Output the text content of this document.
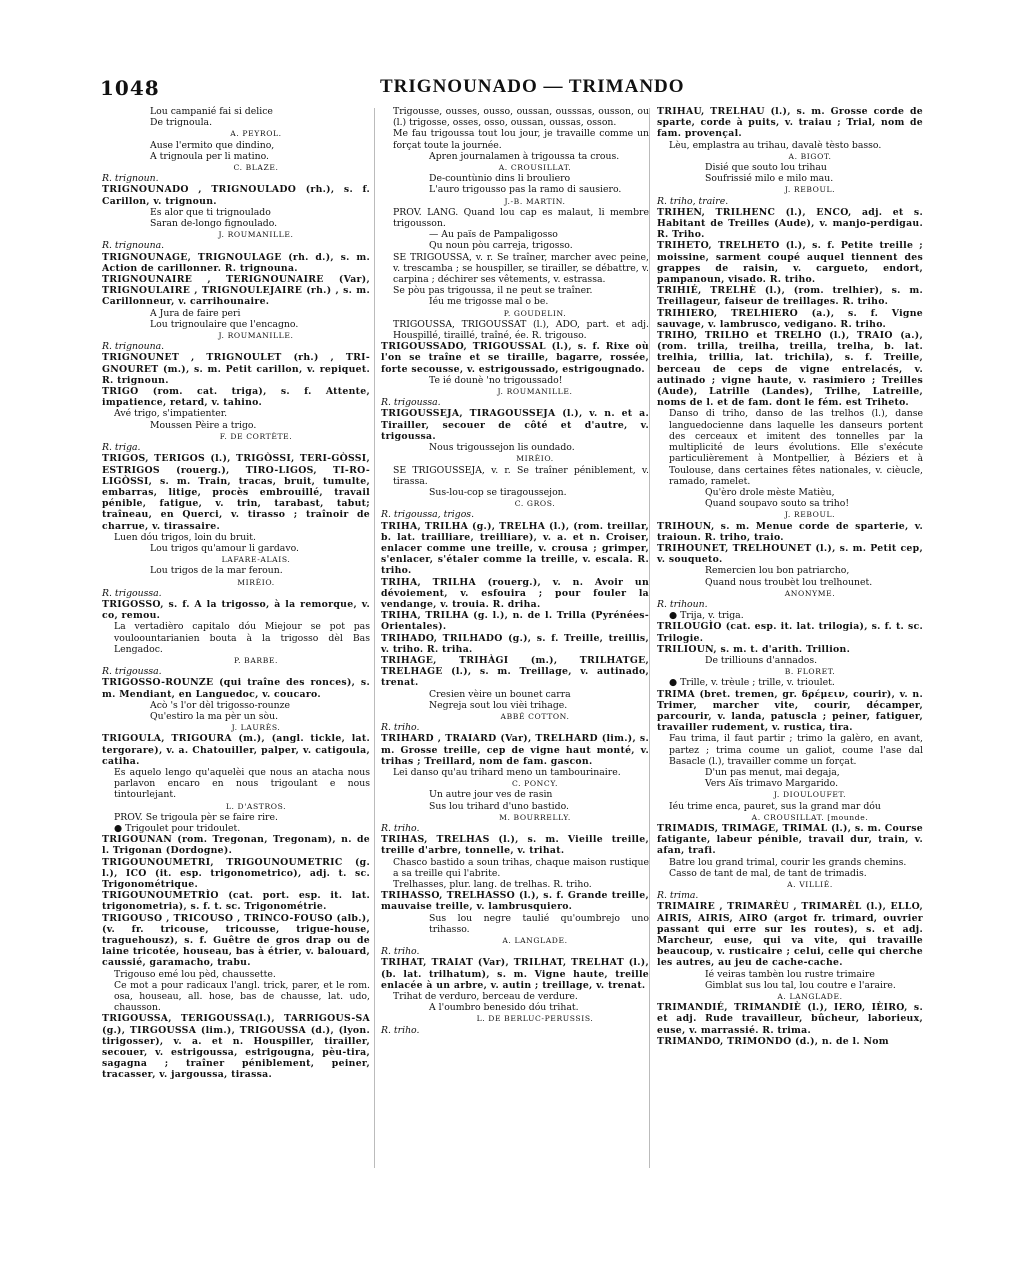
1048	TRIGNOUNADO — TRIMANDO
Lou campanié fai si delice
De trignoula.
A. PEYROL.
Ause l'ermito que dindino,
A trignoula per li matino.
C. BLAZE.
R. trignoun.
TRIGNOUNADO , TRIGNOULADO (rh.), s. f. Carillon, v. trignoun.
Es alor que ti trignoulado
Saran de-longo fignoulado.
J. ROUMANILLE.
R. trignouna.
TRIGNOUNAGE, TRIGNOULAGE (rh. d.), s. m. Action de carillonner. R. trignouna.
TRIGNOUNAIRE , TERIGNOUNAIRE (Var), TRIGNOULAIRE , TRIGNOULEJAIRE (rh.) , s. m. Carillonneur, v. carrihounaire.
A Jura de faire peri
Lou trignoulaire que l'encagno.
J. ROUMANILLE.
R. trignouna.
TRIGNOUNET , TRIGNOULET (rh.) , TRI-GNOURET (m.), s. m. Petit carillon, v. repiquet. R. trignoun.
TRIGO (rom. cat. triga), s. f. Attente, impatience, retard, v. tahino.
Avé trigo, s'impatienter.
Moussen Pèire a trigo.
F. DE CORTÈTE.
R. triga.
TRIGOS, TERIGOS (l.), TRIGÒSSI, TERI-GÒSSI, ESTRIGOS (rouerg.), TIRO-LIGOS, TI-RO-LIGÒSSI, s. m. Train, tracas, bruit, tumulte, embarras, litige, procès embrouillé, travail pénible, fatigue, v. trin, tarabast, tabut; traîneau, en Querci, v. tirasso ; traînoir de charrue, v. tirassaire.
Luen dóu trigos, loin du bruit.
Lou trigos qu'amour li gardavo.
LAFARE-ALAIS.
Lou trigos de la mar feroun.
MIRÈIO.
R. trigoussa.
TRIGOSSO, s. f. A la trigosso, à la remorque, v. co, remou.
La vertadièro capitalo dóu Miejour se pot pas vouloountarianien bouta à la trigosso dèl Bas Lengadoc.
P. BARBE.
R. trigoussa.
TRIGOSSO-ROUNZE (qui traîne des ronces), s. m. Mendiant, en Languedoc, v. coucaro.
Acò 's l'or dèl trigosso-rounze
Qu'estiro la ma pèr un sòu.
J. LAURÈS.
TRIGOULA, TRIGOURA (m.), (angl. tickle, lat. tergorare), v. a. Chatouiller, palper, v. catigoula, catiha.
Es aquelo lengo qu'aquelèi que nous an atacha nous parlavon encaro en nous trigoulant e nous tintourlejant.
L. D'ASTROS.
PROV. Se trigoula pèr se faire rire.
● Trigoulet pour tridoulet.
TRIGOUNAN (rom. Tregonan, Tregonam), n. de l. Trigonan (Dordogne).
TRIGOUNOUMETRI, TRIGOUNOUMETRIC (g. l.), ICO (it. esp. trigonometrico), adj. t. sc. Trigonométrique.
TRIGOUNOUMETRÌO (cat. port. esp. it. lat. trigonometria), s. f. t. sc. Trigonométrie.
TRIGOUSO , TRICOUSO , TRINCO-FOUSO (alb.), (v. fr. tricouse, tricousse, trigue-house, traguehousz), s. f. Guêtre de gros drap ou de laine tricotée, houseau, bas à étrier, v. balouard, caussié, garamacho, trabu.
Trigouso emé lou pèd, chaussette.
Ce mot a pour radicaux l'angl. trick, parer, et le rom. osa, houseau, all. hose, bas de chausse, lat. udo, chausson.
TRIGOUSSA, TERIGOUSSA(l.), TARRIGOUS-SA (g.), TIRGOUSSA (lim.), TRIGOUSSA (d.), (lyon. tirigosser), v. a. et n. Houspiller, tirailler, secouer, v. estrigoussa, estrigougna, pèu-tira, sagagna ; traîner péniblement, peiner, tracasser, v. jargoussa, tirassa.
Trigousse, ousses, ousso, oussan, ousssas, ousson, ou (l.) trigosse, osses, osso, oussan, oussas, osson.
Me fau trigoussa tout lou jour, je travaille comme un forçat toute la journée.
Apren journalamen à trigoussa ta crous.
A. CROUSILLAT.
De-countùnio dins li brouliero
L'auro trigousso pas la ramo di sausiero.
J.-B. MARTIN.
PROV. LANG. Quand lou cap es malaut, li membre trigousson.
— Au païs de Pampaligosso
Qu noun pòu carreja, trigosso.
SE TRIGOUSSA, v. r. Se traîner, marcher avec peine, v. trescamba ; se houspiller, se tirailler, se débattre, v. carpina ; déchirer ses vêtements, v. estrassa.
Se pòu pas trigoussa, il ne peut se traîner.
Iéu me trigosse mal o be.
P. GOUDELIN.
TRIGOUSSA, TRIGOUSSAT (l.), ADO, part. et adj. Houspillé, tiraillé, traîné, ée. R. trigouso.
TRIGOUSSADO, TRIGOUSSAL (l.), s. f. Rixe où l'on se traîne et se tiraille, bagarre, rossée, forte secousse, v. estrigoussado, estrigougnado.
Te ié dounè 'no trigoussado!
J. ROUMANILLE.
R. trigoussa.
TRIGOUSSEJA, TIRAGOUSSEJA (l.), v. n. et a. Tirailler, secouer de côté et d'autre, v. trigoussa.
Nous trigoussejon lis oundado.
MIRÈIO.
SE TRIGOUSSEJA, v. r. Se traîner péniblement, v. tirassa.
Sus-lou-cop se tiragoussejon.
C. GROS.
R. trigoussa, trigos.
TRIHA, TRILHA (g.), TRELHA (l.), (rom. treillar, b. lat. trailliare, treilliare), v. a. et n. Croiser, enlacer comme une treille, v. crousa ; grimper, s'enlacer, s'étaler comme la treille, v. escala. R. triho.
TRIHA, TRILHA (rouerg.), v. n. Avoir un dévoiement, v. esfouira ; pour fouler la vendange, v. trouia. R. driha.
TRIHA, TRILHA (g. l.), n. de l. Trilla (Pyrénées-Orientales).
TRIHADO, TRILHADO (g.), s. f. Treille, treillis, v. triho. R. triha.
TRIHAGE, TRIHÀGI (m.), TRILHATGE, TRELHAGE (l.), s. m. Treillage, v. autinado, trenat.
Cresien vèire un bounet carra
Negreja sout lou vièi trihage.
ABBÉ COTTON.
R. triho.
TRIHARD , TRAIARD (Var), TRELHARD (lim.), s. m. Grosse treille, cep de vigne haut monté, v. trihas ; Treillard, nom de fam. gascon.
Lei danso qu'au trihard meno un tambourinaire.
C. PONCY.
Un autre jour ves de rasin
Sus lou trihard d'uno bastido.
M. BOURRELLY.
R. triho.
TRIHAS, TRELHAS (l.), s. m. Vieille treille, treille d'arbre, tonnelle, v. trihat.
Chasco bastido a soun trihas, chaque maison rustique a sa treille qui l'abrite.
Trelhasses, plur. lang. de trelhas. R. triho.
TRIHASSO, TRELHASSO (l.), s. f. Grande treille, mauvaise treille, v. lambrusquiero.
Sus lou negre taulié qu'oumbrejo uno trihasso.
A. LANGLADE.
R. triho.
TRIHAT, TRAIAT (Var), TRILHAT, TRELHAT (l.), (b. lat. trilhatum), s. m. Vigne haute, treille enlacée à un arbre, v. autin ; treillage, v. trenat.
Trihat de verduro, berceau de verdure.
A l'oumbro benesido dóu trihat.
L. DE BERLUC-PERUSSIS.
R. triho.
TRIHAU, TRELHAU (l.), s. m. Grosse corde de sparte, corde à puits, v. traiau ; Trial, nom de fam. provençal.
Lèu, emplastra au trihau, davalè tèsto basso.
A. BIGOT.
Disié que souto lou trihau
Soufrissié milo e milo mau.
J. REBOUL.
R. triho, traire.
TRIHEN, TRILHENC (l.), ENCO, adj. et s. Habitant de Treilles (Aude), v. manjo-perdigau. R. Triho.
TRIHETO, TRELHETO (l.), s. f. Petite treille ; moissine, sarment coupé auquel tiennent des grappes de raisin, v. cargueto, endort, pampanoun, visado. R. triho.
TRIHIÉ, TRELHÈ (l.), (rom. trelhier), s. m. Treillageur, faiseur de treillages. R. triho.
TRIHIERO, TRELHIERO (a.), s. f. Vigne sauvage, v. lambrusco, vedigano. R. triho.
TRIHO, TRILHO et TRELHO (l.), TRAIO (a.), (rom. trilla, treilha, treilla, trelha, b. lat. trelhia, trillia, lat. trichila), s. f. Treille, berceau de ceps de vigne entrelacés, v. autinado ; vigne haute, v. rasimiero ; Treilles (Aude), Latrille (Landes), Trilhe, Latreille, noms de l. et de fam. dont le fém. est Triheto.
Danso di triho, danso de las trelhos (l.), danse languedocienne dans laquelle les danseurs portent des cerceaux et imitent des tonnelles par la multiplicité de leurs évolutions. Elle s'exécute particulièrement à Montpellier, à Béziers et à Toulouse, dans certaines fêtes nationales, v. cièucle, ramado, ramelet.
Qu'èro drole mèste Matièu,
Quand soupavo souto sa triho!
J. REBOUL.
TRIHOUN, s. m. Menue corde de sparterie, v. traioun. R. triho, traio.
TRIHOUNET, TRELHOUNET (l.), s. m. Petit cep, v. souqueto.
Remercien lou bon patriarcho,
Quand nous troubèt lou trelhounet.
ANONYME.
R. trihoun.
● Trija, v. triga.
TRILOUGÌO (cat. esp. it. lat. trilogia), s. f. t. sc. Trilogie.
TRILIOUN, s. m. t. d'arith. Trillion.
De trilliouns d'annados.
B. FLORET.
● Trille, v. trèule ; trille, v. trioulet.
TRIMA (bret. tremen, gr. δρέμειν, courir), v. n. Trimer, marcher vite, courir, décamper, parcourir, v. landa, patuscla ; peiner, fatiguer, travailler rudement, v. rustica, tira.
Fau trima, il faut partir ; trimo la galèro, en avant, partez ; trima coume un galiot, coume l'ase dal Basacle (l.), travailler comme un forçat.
D'un pas menut, mai degaja,
Vers Aïs trimavo Margarido.
J. DIOULOUFET.
Iéu trime enca, pauret, sus la grand mar dóu
A. CROUSILLAT. [mounde.
TRIMADIS, TRIMAGE, TRIMAL (l.), s. m. Course fatigante, labeur pénible, travail dur, train, v. afan, trafi.
Batre lou grand trimal, courir les grands chemins.
Casso de tant de mal, de tant de trimadis.
A. VILLIÉ.
R. trima.
TRIMAIRE , TRIMARÈU , TRIMARÈL (l.), ELLO, AIRIS, AIRIS, AIRO (argot fr. trimard, ouvrier passant qui erre sur les routes), s. et adj. Marcheur, euse, qui va vite, qui travaille beaucoup, v. rusticaire ; celui, celle qui cherche les autres, au jeu de cache-cache.
Ié veiras tambèn lou rustre trimaire
Gimblat sus lou tal, lou coutre e l'araire.
A. LANGLADE.
TRIMANDIÉ, TRIMANDIÈ (l.), IERO, IÈIRO, s. et adj. Rude travailleur, bûcheur, laborieux, euse, v. marrassié. R. trima.
TRIMANDO, TRIMONDO (d.), n. de l. Nom
